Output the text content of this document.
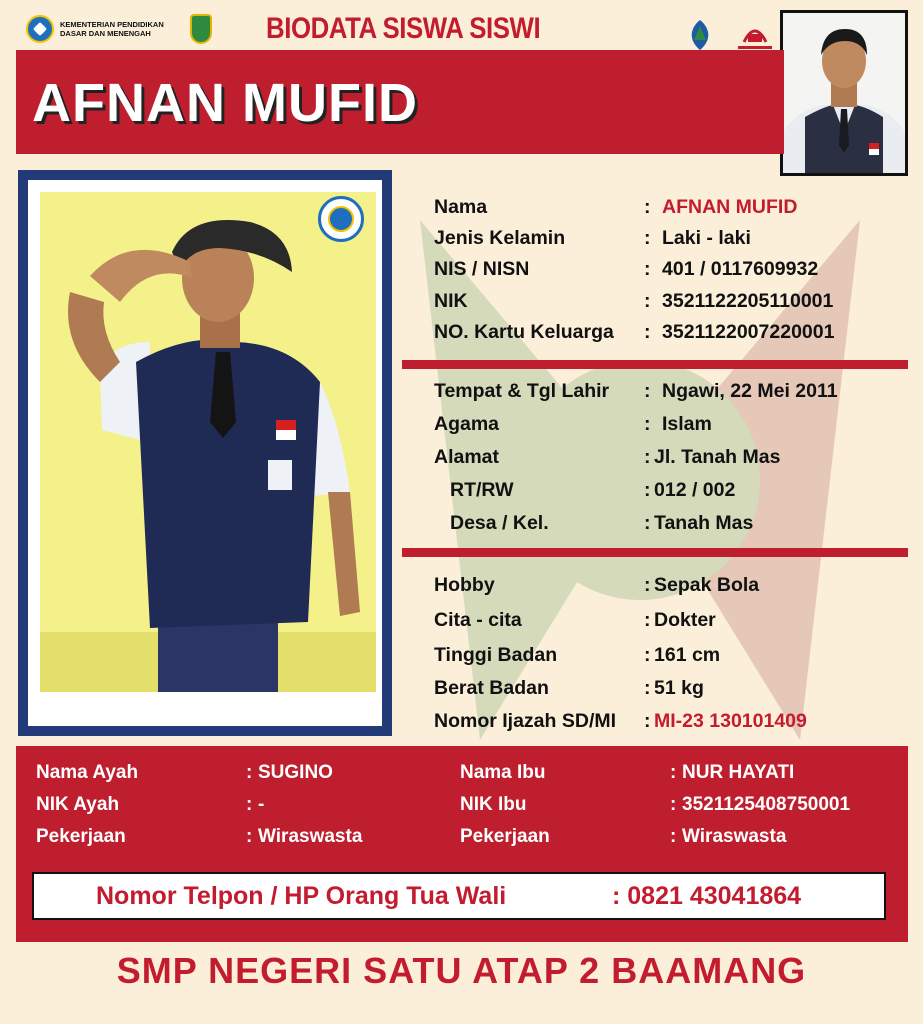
KEMENTERIAN PENDIDIKAN DASAR DAN MENENGAH	BIODATA SISWA SISWI
AFNAN MUFID
Nama	: AFNAN MUFID
Jenis Kelamin	: Laki - laki
NIS / NISN	: 401 / 0117609932
NIK	: 3521122205110001
NO. Kartu Keluarga : 3521122007220001
Tempat & Tgl Lahir : Ngawi, 22 Mei 2011
Agama	: Islam
Alamat	: Jl. Tanah Mas
RT/RW	: 012 / 002
Desa / Kel.	: Tanah Mas
Hobby	: Sepak Bola
Cita - cita	: Dokter
Tinggi Badan	: 161 cm
Berat Badan	: 51 kg
Nomor Ijazah SD/MI : MI-23 130101409
Nama Ayah	: SUGINO
NIK Ayah	: -
Pekerjaan	: Wiraswasta
Nama Ibu	: NUR HAYATI
NIK Ibu	: 3521125408750001
Pekerjaan	: Wiraswasta
Nomor Telpon / HP Orang Tua Wali	: 0821 43041864
SMP NEGERI SATU ATAP 2 BAAMANG
